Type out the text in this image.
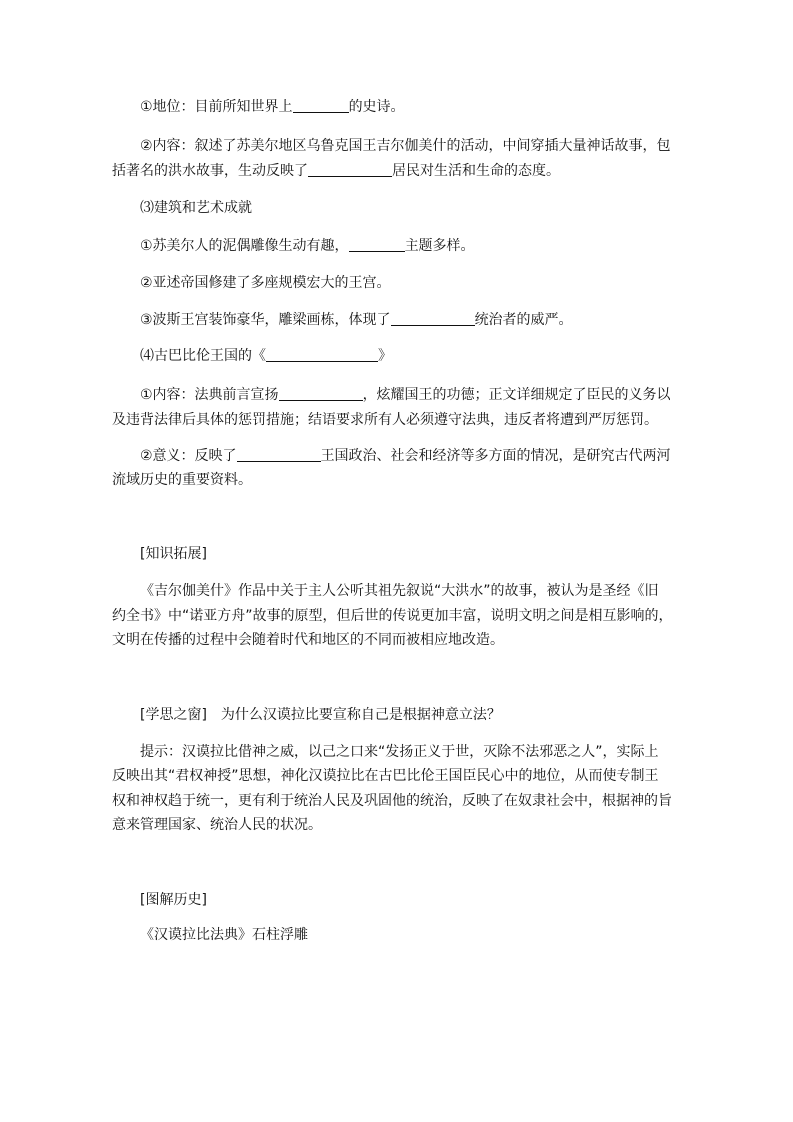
①地位：目前所知世界上	的史诗。
②内容：叙述了苏美尔地区乌鲁克国王吉尔伽美什的活动，中间穿插大量神话故事，包
括著名的洪水故事，生动反映了	居民对生活和生命的态度。
⑶建筑和艺术成就
①苏美尔人的泥偶雕像生动有趣，	主题多样。
②亚述帝国修建了多座规模宏大的王宫。
③波斯王宫装饰豪华，雕梁画栋，体现了	统治者的威严。
⑷古巴比伦王国的《	》
①内容：法典前言宣扬	，炫耀国王的功德；正文详细规定了臣民的义务以
及违背法律后具体的惩罚措施；结语要求所有人必须遵守法典，违反者将遭到严厉惩罚。
②意义：反映了	王国政治、社会和经济等多方面的情况，是研究古代两河
流域历史的重要资料。
[知识拓展]
《吉尔伽美什》作品中关于主人公听其祖先叙说“大洪水”的故事，被认为是圣经《旧
约全书》中“诺亚方舟”故事的原型，但后世的传说更加丰富，说明文明之间是相互影响的，
文明在传播的过程中会随着时代和地区的不同而被相应地改造。
[学思之窗]　为什么汉谟拉比要宣称自己是根据神意立法？
提示：汉谟拉比借神之威，以己之口来“发扬正义于世，灭除不法邪恶之人”，实际上
反映出其“君权神授”思想，神化汉谟拉比在古巴比伦王国臣民心中的地位，从而使专制王
权和神权趋于统一，更有利于统治人民及巩固他的统治，反映了在奴隶社会中，根据神的旨
意来管理国家、统治人民的状况。
[图解历史]
《汉谟拉比法典》石柱浮雕
